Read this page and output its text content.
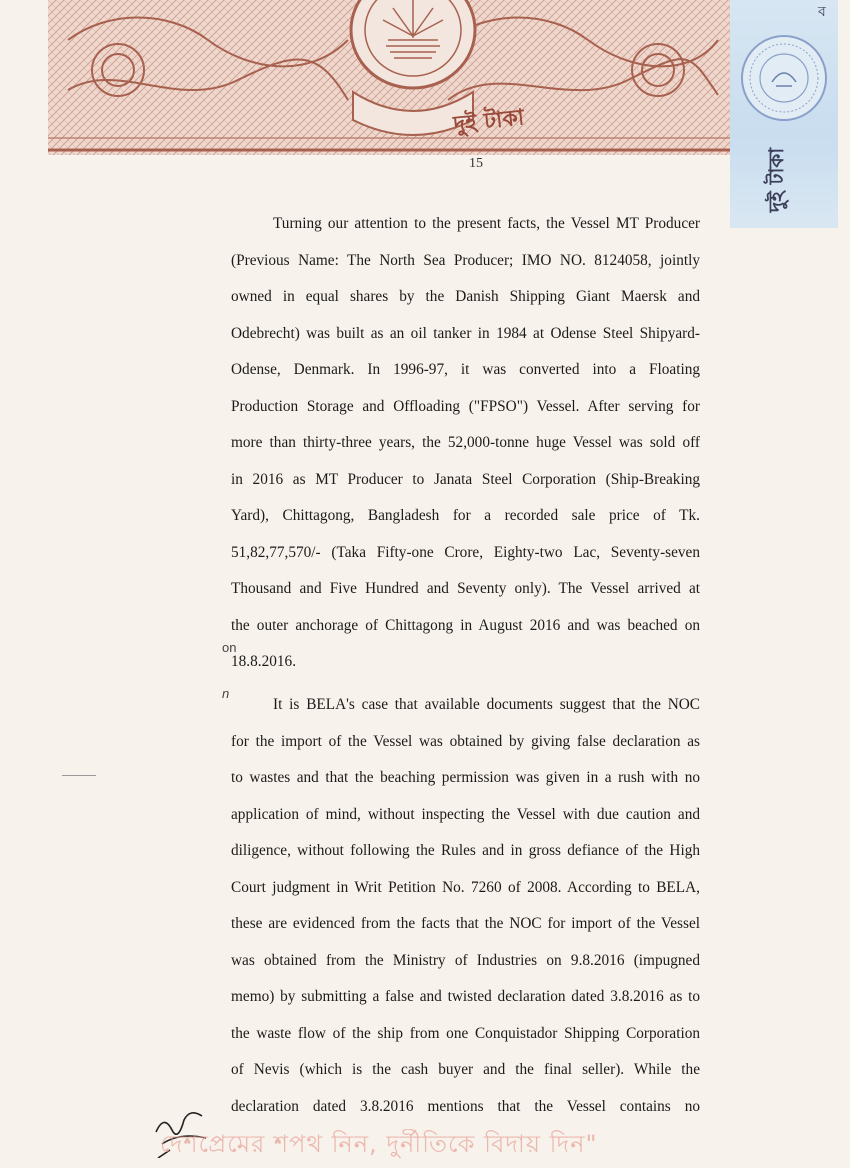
দুই টাকা
ব
দুই টাকা
15
Turning our attention to the present facts, the Vessel MT Producer
(Previous Name: The North Sea Producer; IMO NO. 8124058, jointly
owned in equal shares by the Danish Shipping Giant Maersk and
Odebrecht) was built as an oil tanker in 1984 at Odense Steel Shipyard-
Odense, Denmark. In 1996-97, it was converted into a Floating
Production Storage and Offloading ("FPSO") Vessel. After serving for
more than thirty-three years, the 52,000-tonne huge Vessel was sold off
in 2016 as MT Producer to Janata Steel Corporation (Ship-Breaking
Yard), Chittagong, Bangladesh for a recorded sale price of Tk.
51,82,77,570/- (Taka Fifty-one Crore, Eighty-two Lac, Seventy-seven
Thousand and Five Hundred and Seventy only). The Vessel arrived at
the outer anchorage of Chittagong in August 2016 and was beached on
18.8.2016.
It is BELA's case that available documents suggest that the NOC
for the import of the Vessel was obtained by giving false declaration as
to wastes and that the beaching permission was given in a rush with no
application of mind, without inspecting the Vessel with due caution and
diligence, without following the Rules and in gross defiance of the High
Court judgment in Writ Petition No. 7260 of 2008. According to BELA,
these are evidenced from the facts that the NOC for import of the Vessel
was obtained from the Ministry of Industries on 9.8.2016 (impugned
memo) by submitting a false and twisted declaration dated 3.8.2016 as to
the waste flow of the ship from one Conquistador Shipping Corporation
of Nevis (which is the cash buyer and the final seller). While the
declaration dated 3.8.2016 mentions that the Vessel contains no
on
n
দেশপ্রেমের শপথ নিন, দুর্নীতিকে বিদায় দিন"
